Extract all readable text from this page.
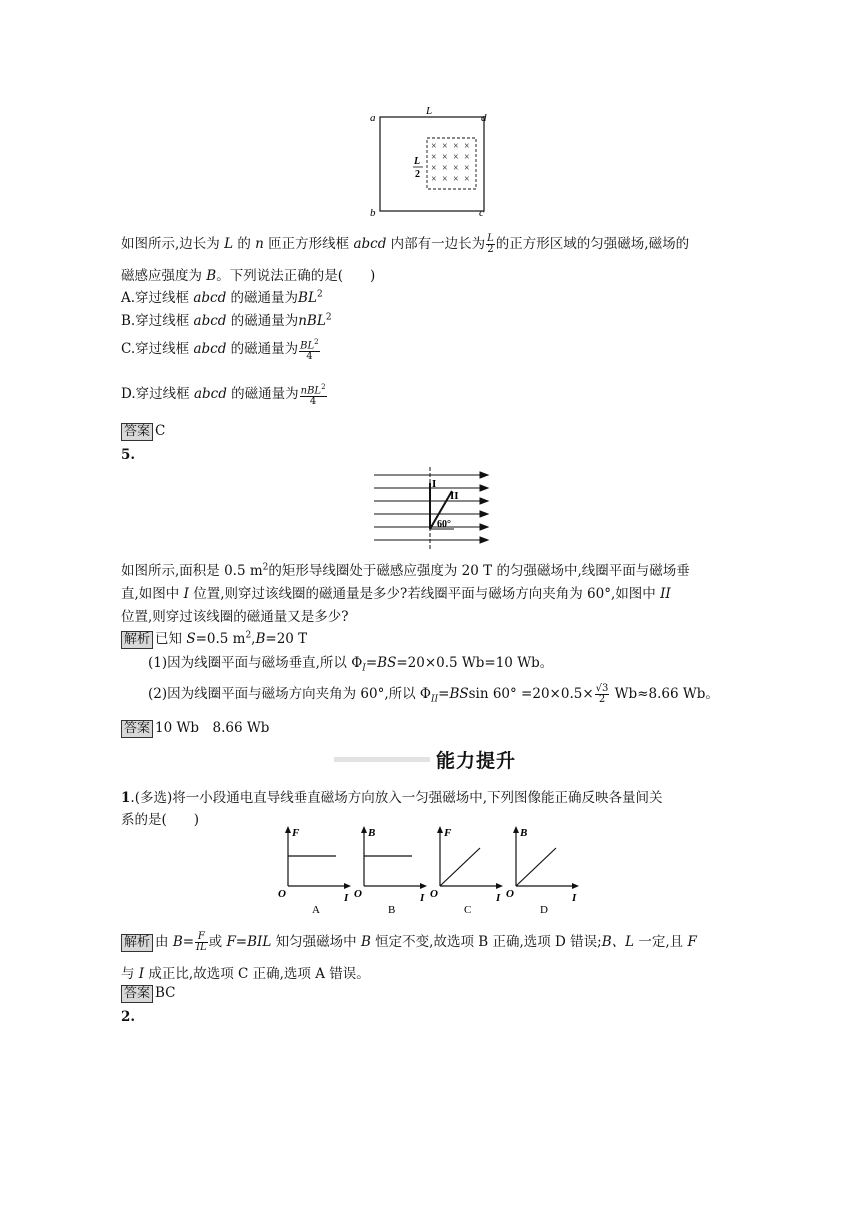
× × × ×
× × × ×
× × × ×
× × × ×
a	d
b	c
L
L
2
如图所示,边长为 L 的 n 匝正方形线框 abcd 内部有一边长为 $\frac{L}{2}$ 的正方形区域的匀强磁场,磁场的
磁感应强度为 B。下列说法正确的是(　　)
A.穿过线框 abcd 的磁通量为$BL^2$
B.穿过线框 abcd 的磁通量为nBL$^2$
C.穿过线框 abcd 的磁通量为 $\frac{BL^2}{4}$
D.穿过线框 abcd 的磁通量为 $\frac{nBL^2}{4}$
答案 C
5.
I
II
60°
如图所示,面积是 0.5 $m^2$的矩形导线圈处于磁感应强度为 20 T 的匀强磁场中,线圈平面与磁场垂
直,如图中 I 位置,则穿过该线圈的磁通量是多少?若线圈平面与磁场方向夹角为 60°,如图中 II
位置,则穿过该线圈的磁通量又是多少?
解析 已知 S=0.5 $m^2,B=20$ T
(1)因为线圈平面与磁场垂直,所以 $\Phi_I=BS=20\times 0.5$ Wb=10 Wb。
(2)因为线圈平面与磁场方向夹角为 60°,所以 $\Phi_{II}=BSsin$ $60^\circ =20\times 0.5\times \frac{√3}{2} Wb\approx 8.66$ Wb。
答案 10 Wb　8.66 Wb
能力提升
1.(多选)将一小段通电直导线垂直磁场方向放入一匀强磁场中,下列图像能正确反映各量间关
系的是(　　)
F
I
O
A
B
I
O
B
F
I
O
C
B
I
O
D
解析 由 $B= \frac{F}{IL}$ 或 F=BIL 知匀强磁场中 B 恒定不变,故选项 B 正确,选项 D 错误;B、L 一定,且 F
与 I 成正比,故选项 C 正确,选项 A 错误。
答案 BC
2.
